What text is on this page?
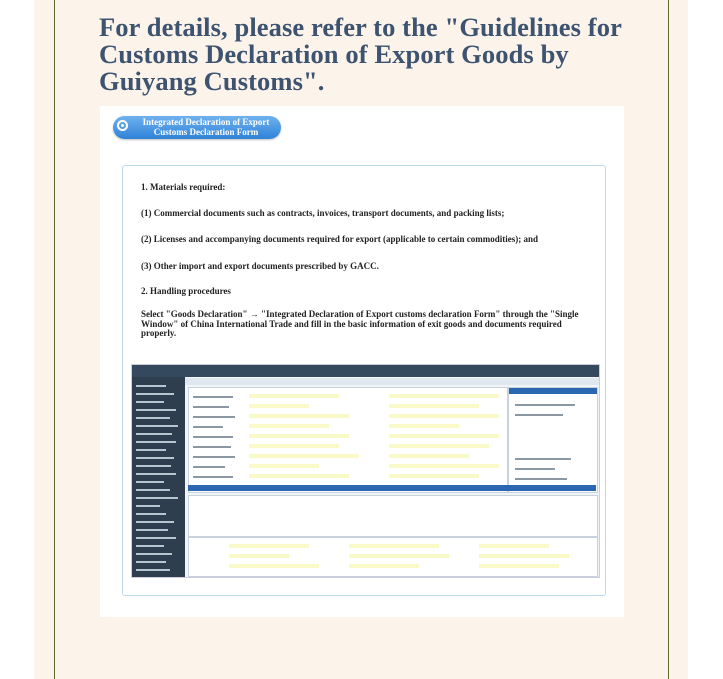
For details, please refer to the "Guidelines for Customs Declaration of Export Goods by Guiyang Customs".
Integrated Declaration of Export
Customs Declaration Form

1. Materials required:

(1) Commercial documents such as contracts, invoices, transport documents, and packing lists;

(2) Licenses and accompanying documents required for export (applicable to certain commodities); and

(3) Other import and export documents prescribed by GACC.

2. Handling procedures

Select "Goods Declaration" → "Integrated Declaration of Export customs declaration Form" through the "Single Window" of China International Trade and fill in the basic information of exit goods and documents required properly.
